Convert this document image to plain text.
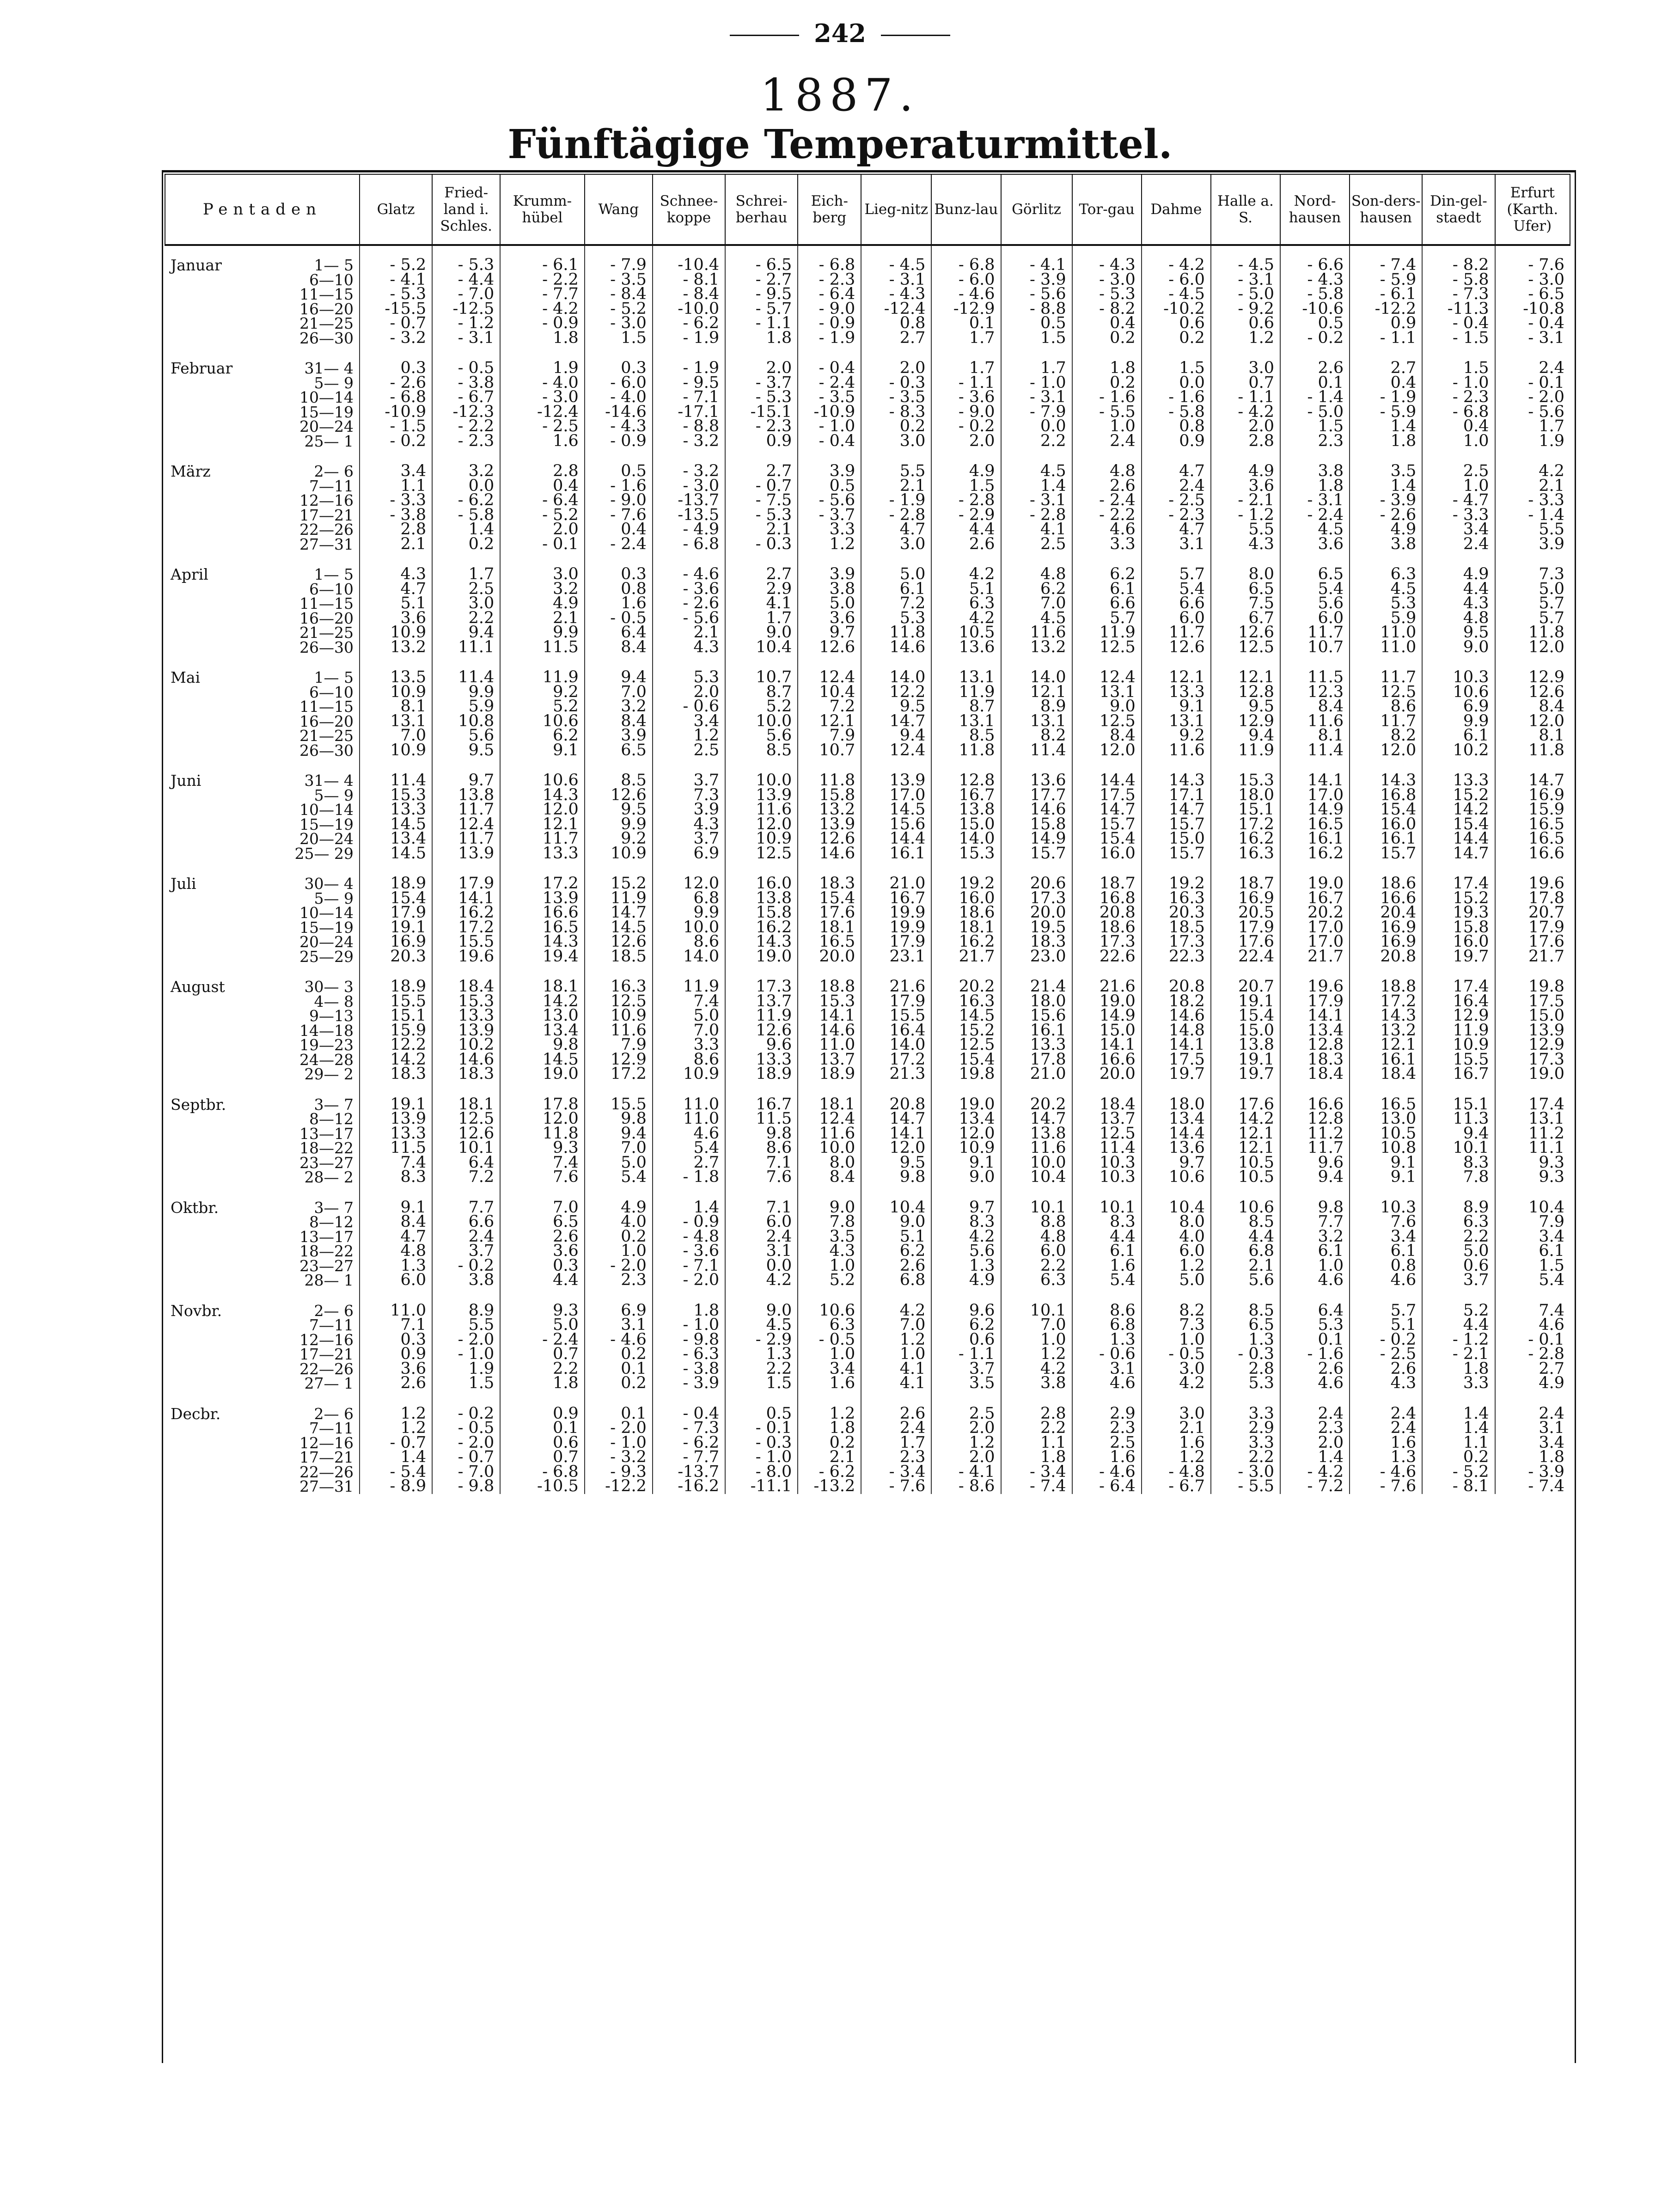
242
1887.
Fünftägige Temperaturmittel.
Pentaden		Glatz	Fried-land i. Schles.	Krumm-hübel	Wang	Schnee-koppe	Schrei-berhau	Eich-berg	Lieg-nitz	Bunz-lau	Görlitz	Tor-gau	Dahme	Halle a. S.	Nord-hausen	Son-ders-hausen	Din-gel-staedt	Erfurt (Karth. Ufer)

Januar	1— 5	- 5.2	- 5.3	- 6.1	- 7.9	-10.4	- 6.5	- 6.8	- 4.5	- 6.8	- 4.1	- 4.3	- 4.2	- 4.5	- 6.6	- 7.4	- 8.2	- 7.6
	6—10	- 4.1	- 4.4	- 2.2	- 3.5	- 8.1	- 2.7	- 2.3	- 3.1	- 6.0	- 3.9	- 3.0	- 6.0	- 3.1	- 4.3	- 5.9	- 5.8	- 3.0
	11—15	- 5.3	- 7.0	- 7.7	- 8.4	- 8.4	- 9.5	- 6.4	- 4.3	- 4.6	- 5.6	- 5.3	- 4.5	- 5.0	- 5.8	- 6.1	- 7.3	- 6.5
	16—20	-15.5	-12.5	- 4.2	- 5.2	-10.0	- 5.7	- 9.0	-12.4	-12.9	- 8.8	- 8.2	-10.2	- 9.2	-10.6	-12.2	-11.3	-10.8
	21—25	- 0.7	- 1.2	- 0.9	- 3.0	- 6.2	- 1.1	- 0.9	0.8	0.1	0.5	0.4	0.6	0.6	0.5	0.9	- 0.4	- 0.4
	26—30	- 3.2	- 3.1	1.8	1.5	- 1.9	1.8	- 1.9	2.7	1.7	1.5	0.2	0.2	1.2	- 0.2	- 1.1	- 1.5	- 3.1

Februar	31— 4	0.3	- 0.5	1.9	0.3	- 1.9	2.0	- 0.4	2.0	1.7	1.7	1.8	1.5	3.0	2.6	2.7	1.5	2.4
	5— 9	- 2.6	- 3.8	- 4.0	- 6.0	- 9.5	- 3.7	- 2.4	- 0.3	- 1.1	- 1.0	0.2	0.0	0.7	0.1	0.4	- 1.0	- 0.1
	10—14	- 6.8	- 6.7	- 3.0	- 4.0	- 7.1	- 5.3	- 3.5	- 3.5	- 3.6	- 3.1	- 1.6	- 1.6	- 1.1	- 1.4	- 1.9	- 2.3	- 2.0
	15—19	-10.9	-12.3	-12.4	-14.6	-17.1	-15.1	-10.9	- 8.3	- 9.0	- 7.9	- 5.5	- 5.8	- 4.2	- 5.0	- 5.9	- 6.8	- 5.6
	20—24	- 1.5	- 2.2	- 2.5	- 4.3	- 8.8	- 2.3	- 1.0	0.2	- 0.2	0.0	1.0	0.8	2.0	1.5	1.4	0.4	1.7
	25— 1	- 0.2	- 2.3	1.6	- 0.9	- 3.2	0.9	- 0.4	3.0	2.0	2.2	2.4	0.9	2.8	2.3	1.8	1.0	1.9

März	2— 6	3.4	3.2	2.8	0.5	- 3.2	2.7	3.9	5.5	4.9	4.5	4.8	4.7	4.9	3.8	3.5	2.5	4.2
	7—11	1.1	0.0	0.4	- 1.6	- 3.0	- 0.7	0.5	2.1	1.5	1.4	2.6	2.4	3.6	1.8	1.4	1.0	2.1
	12—16	- 3.3	- 6.2	- 6.4	- 9.0	-13.7	- 7.5	- 5.6	- 1.9	- 2.8	- 3.1	- 2.4	- 2.5	- 2.1	- 3.1	- 3.9	- 4.7	- 3.3
	17—21	- 3.8	- 5.8	- 5.2	- 7.6	-13.5	- 5.3	- 3.7	- 2.8	- 2.9	- 2.8	- 2.2	- 2.3	- 1.2	- 2.4	- 2.6	- 3.3	- 1.4
	22—26	2.8	1.4	2.0	0.4	- 4.9	2.1	3.3	4.7	4.4	4.1	4.6	4.7	5.5	4.5	4.9	3.4	5.5
	27—31	2.1	0.2	- 0.1	- 2.4	- 6.8	- 0.3	1.2	3.0	2.6	2.5	3.3	3.1	4.3	3.6	3.8	2.4	3.9

April	1— 5	4.3	1.7	3.0	0.3	- 4.6	2.7	3.9	5.0	4.2	4.8	6.2	5.7	8.0	6.5	6.3	4.9	7.3
	6—10	4.7	2.5	3.2	0.8	- 3.6	2.9	3.8	6.1	5.1	6.2	6.1	5.4	6.5	5.4	4.5	4.4	5.0
	11—15	5.1	3.0	4.9	1.6	- 2.6	4.1	5.0	7.2	6.3	7.0	6.6	6.6	7.5	5.6	5.3	4.3	5.7
	16—20	3.6	2.2	2.1	- 0.5	- 5.6	1.7	3.6	5.3	4.2	4.5	5.7	6.0	6.7	6.0	5.9	4.8	5.7
	21—25	10.9	9.4	9.9	6.4	2.1	9.0	9.7	11.8	10.5	11.6	11.9	11.7	12.6	11.7	11.0	9.5	11.8
	26—30	13.2	11.1	11.5	8.4	4.3	10.4	12.6	14.6	13.6	13.2	12.5	12.6	12.5	10.7	11.0	9.0	12.0

Mai	1— 5	13.5	11.4	11.9	9.4	5.3	10.7	12.4	14.0	13.1	14.0	12.4	12.1	12.1	11.5	11.7	10.3	12.9
	6—10	10.9	9.9	9.2	7.0	2.0	8.7	10.4	12.2	11.9	12.1	13.1	13.3	12.8	12.3	12.5	10.6	12.6
	11—15	8.1	5.9	5.2	3.2	- 0.6	5.2	7.2	9.5	8.7	8.9	9.0	9.1	9.5	8.4	8.6	6.9	8.4
	16—20	13.1	10.8	10.6	8.4	3.4	10.0	12.1	14.7	13.1	13.1	12.5	13.1	12.9	11.6	11.7	9.9	12.0
	21—25	7.0	5.6	6.2	3.9	1.2	5.6	7.9	9.4	8.5	8.2	8.4	9.2	9.4	8.1	8.2	6.1	8.1
	26—30	10.9	9.5	9.1	6.5	2.5	8.5	10.7	12.4	11.8	11.4	12.0	11.6	11.9	11.4	12.0	10.2	11.8

Juni	31— 4	11.4	9.7	10.6	8.5	3.7	10.0	11.8	13.9	12.8	13.6	14.4	14.3	15.3	14.1	14.3	13.3	14.7
	5— 9	15.3	13.8	14.3	12.6	7.3	13.9	15.8	17.0	16.7	17.7	17.5	17.1	18.0	17.0	16.8	15.2	16.9
	10—14	13.3	11.7	12.0	9.5	3.9	11.6	13.2	14.5	13.8	14.6	14.7	14.7	15.1	14.9	15.4	14.2	15.9
	15—19	14.5	12.4	12.1	9.9	4.3	12.0	13.9	15.6	15.0	15.8	15.7	15.7	17.2	16.5	16.0	15.4	16.5
	20—24	13.4	11.7	11.7	9.2	3.7	10.9	12.6	14.4	14.0	14.9	15.4	15.0	16.2	16.1	16.1	14.4	16.5
	25— 29	14.5	13.9	13.3	10.9	6.9	12.5	14.6	16.1	15.3	15.7	16.0	15.7	16.3	16.2	15.7	14.7	16.6

Juli	30— 4	18.9	17.9	17.2	15.2	12.0	16.0	18.3	21.0	19.2	20.6	18.7	19.2	18.7	19.0	18.6	17.4	19.6
	5— 9	15.4	14.1	13.9	11.9	6.8	13.8	15.4	16.7	16.0	17.3	16.8	16.3	16.9	16.7	16.6	15.2	17.8
	10—14	17.9	16.2	16.6	14.7	9.9	15.8	17.6	19.9	18.6	20.0	20.8	20.3	20.5	20.2	20.4	19.3	20.7
	15—19	19.1	17.2	16.5	14.5	10.0	16.2	18.1	19.9	18.1	19.5	18.6	18.5	17.9	17.0	16.9	15.8	17.9
	20—24	16.9	15.5	14.3	12.6	8.6	14.3	16.5	17.9	16.2	18.3	17.3	17.3	17.6	17.0	16.9	16.0	17.6
	25—29	20.3	19.6	19.4	18.5	14.0	19.0	20.0	23.1	21.7	23.0	22.6	22.3	22.4	21.7	20.8	19.7	21.7

August	30— 3	18.9	18.4	18.1	16.3	11.9	17.3	18.8	21.6	20.2	21.4	21.6	20.8	20.7	19.6	18.8	17.4	19.8
	4— 8	15.5	15.3	14.2	12.5	7.4	13.7	15.3	17.9	16.3	18.0	19.0	18.2	19.1	17.9	17.2	16.4	17.5
	9—13	15.1	13.3	13.0	10.9	5.0	11.9	14.1	15.5	14.5	15.6	14.9	14.6	15.4	14.1	14.3	12.9	15.0
	14—18	15.9	13.9	13.4	11.6	7.0	12.6	14.6	16.4	15.2	16.1	15.0	14.8	15.0	13.4	13.2	11.9	13.9
	19—23	12.2	10.2	9.8	7.9	3.3	9.6	11.0	14.0	12.5	13.3	14.1	14.1	13.8	12.8	12.1	10.9	12.9
	24—28	14.2	14.6	14.5	12.9	8.6	13.3	13.7	17.2	15.4	17.8	16.6	17.5	19.1	18.3	16.1	15.5	17.3
	29— 2	18.3	18.3	19.0	17.2	10.9	18.9	18.9	21.3	19.8	21.0	20.0	19.7	19.7	18.4	18.4	16.7	19.0

Septbr.	3— 7	19.1	18.1	17.8	15.5	11.0	16.7	18.1	20.8	19.0	20.2	18.4	18.0	17.6	16.6	16.5	15.1	17.4
	8—12	13.9	12.5	12.0	9.8	11.0	11.5	12.4	14.7	13.4	14.7	13.7	13.4	14.2	12.8	13.0	11.3	13.1
	13—17	13.3	12.6	11.8	9.4	4.6	9.8	11.6	14.1	12.0	13.8	12.5	14.4	12.1	11.2	10.5	9.4	11.2
	18—22	11.5	10.1	9.3	7.0	5.4	8.6	10.0	12.0	10.9	11.6	11.4	13.6	12.1	11.7	10.8	10.1	11.1
	23—27	7.4	6.4	7.4	5.0	2.7	7.1	8.0	9.5	9.1	10.0	10.3	9.7	10.5	9.6	9.1	8.3	9.3
	28— 2	8.3	7.2	7.6	5.4	- 1.8	7.6	8.4	9.8	9.0	10.4	10.3	10.6	10.5	9.4	9.1	7.8	9.3

Oktbr.	3— 7	9.1	7.7	7.0	4.9	1.4	7.1	9.0	10.4	9.7	10.1	10.1	10.4	10.6	9.8	10.3	8.9	10.4
	8—12	8.4	6.6	6.5	4.0	- 0.9	6.0	7.8	9.0	8.3	8.8	8.3	8.0	8.5	7.7	7.6	6.3	7.9
	13—17	4.7	2.4	2.6	0.2	- 4.8	2.4	3.5	5.1	4.2	4.8	4.4	4.0	4.4	3.2	3.4	2.2	3.4
	18—22	4.8	3.7	3.6	1.0	- 3.6	3.1	4.3	6.2	5.6	6.0	6.1	6.0	6.8	6.1	6.1	5.0	6.1
	23—27	1.3	- 0.2	0.3	- 2.0	- 7.1	0.0	1.0	2.6	1.3	2.2	1.6	1.2	2.1	1.0	0.8	0.6	1.5
	28— 1	6.0	3.8	4.4	2.3	- 2.0	4.2	5.2	6.8	4.9	6.3	5.4	5.0	5.6	4.6	4.6	3.7	5.4

Novbr.	2— 6	11.0	8.9	9.3	6.9	1.8	9.0	10.6	4.2	9.6	10.1	8.6	8.2	8.5	6.4	5.7	5.2	7.4
	7—11	7.1	5.5	5.0	3.1	- 1.0	4.5	6.3	7.0	6.2	7.0	6.8	7.3	6.5	5.3	5.1	4.4	4.6
	12—16	0.3	- 2.0	- 2.4	- 4.6	- 9.8	- 2.9	- 0.5	1.2	0.6	1.0	1.3	1.0	1.3	0.1	- 0.2	- 1.2	- 0.1
	17—21	0.9	- 1.0	0.7	0.2	- 6.3	1.3	1.0	1.0	- 1.1	1.2	- 0.6	- 0.5	- 0.3	- 1.6	- 2.5	- 2.1	- 2.8
	22—26	3.6	1.9	2.2	0.1	- 3.8	2.2	3.4	4.1	3.7	4.2	3.1	3.0	2.8	2.6	2.6	1.8	2.7
	27— 1	2.6	1.5	1.8	0.2	- 3.9	1.5	1.6	4.1	3.5	3.8	4.6	4.2	5.3	4.6	4.3	3.3	4.9

Decbr.	2— 6	1.2	- 0.2	0.9	0.1	- 0.4	0.5	1.2	2.6	2.5	2.8	2.9	3.0	3.3	2.4	2.4	1.4	2.4
	7—11	1.2	- 0.5	0.1	- 2.0	- 7.3	- 0.1	1.8	2.4	2.0	2.2	2.3	2.1	2.9	2.3	2.4	1.4	3.1
	12—16	- 0.7	- 2.0	0.6	- 1.0	- 6.2	- 0.3	0.2	1.7	1.2	1.1	2.5	1.6	3.3	2.0	1.6	1.1	3.4
	17—21	1.4	- 0.7	0.7	- 3.2	- 7.7	- 1.0	2.1	2.3	2.0	1.8	1.6	1.2	2.2	1.4	1.3	0.2	1.8
	22—26	- 5.4	- 7.0	- 6.8	- 9.3	-13.7	- 8.0	- 6.2	- 3.4	- 4.1	- 3.4	- 4.6	- 4.8	- 3.0	- 4.2	- 4.6	- 5.2	- 3.9
	27—31	- 8.9	- 9.8	-10.5	-12.2	-16.2	-11.1	-13.2	- 7.6	- 8.6	- 7.4	- 6.4	- 6.7	- 5.5	- 7.2	- 7.6	- 8.1	- 7.4
